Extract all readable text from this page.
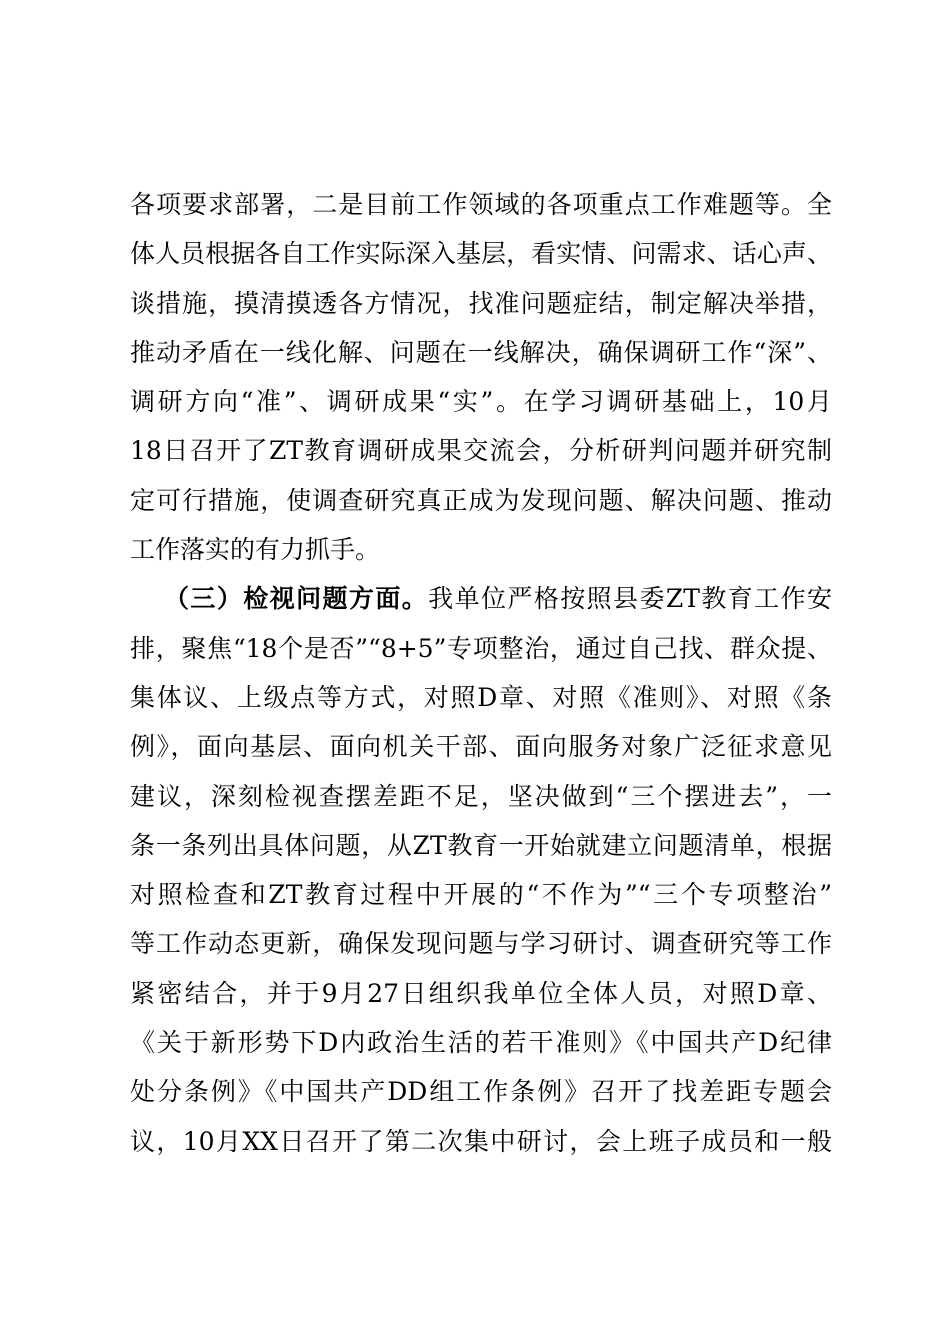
各项要求部署，二是目前工作领域的各项重点工作难题等。全
体人员根据各自工作实际深入基层，看实情、问需求、话心声、
谈措施，摸清摸透各方情况，找准问题症结，制定解决举措，
推动矛盾在一线化解、问题在一线解决，确保调研工作“深”、
调研方向“准”、调研成果“实”。在学习调研基础上，10月
18日召开了ZT教育调研成果交流会，分析研判问题并研究制
定可行措施，使调查研究真正成为发现问题、解决问题、推动
工作落实的有力抓手。
（三）检视问题方面。我单位严格按照县委ZT教育工作安
排，聚焦“18个是否”“8+5”专项整治，通过自己找、群众提、
集体议、上级点等方式，对照D章、对照《准则》、对照《条
例》，面向基层、面向机关干部、面向服务对象广泛征求意见
建议，深刻检视查摆差距不足，坚决做到“三个摆进去”，一
条一条列出具体问题，从ZT教育一开始就建立问题清单，根据
对照检查和ZT教育过程中开展的“不作为”“三个专项整治”
等工作动态更新，确保发现问题与学习研讨、调查研究等工作
紧密结合，并于9月27日组织我单位全体人员，对照D章、
《关于新形势下D内政治生活的若干准则》《中国共产D纪律
处分条例》《中国共产DD组工作条例》召开了找差距专题会
议，10月XX日召开了第二次集中研讨，会上班子成员和一般
